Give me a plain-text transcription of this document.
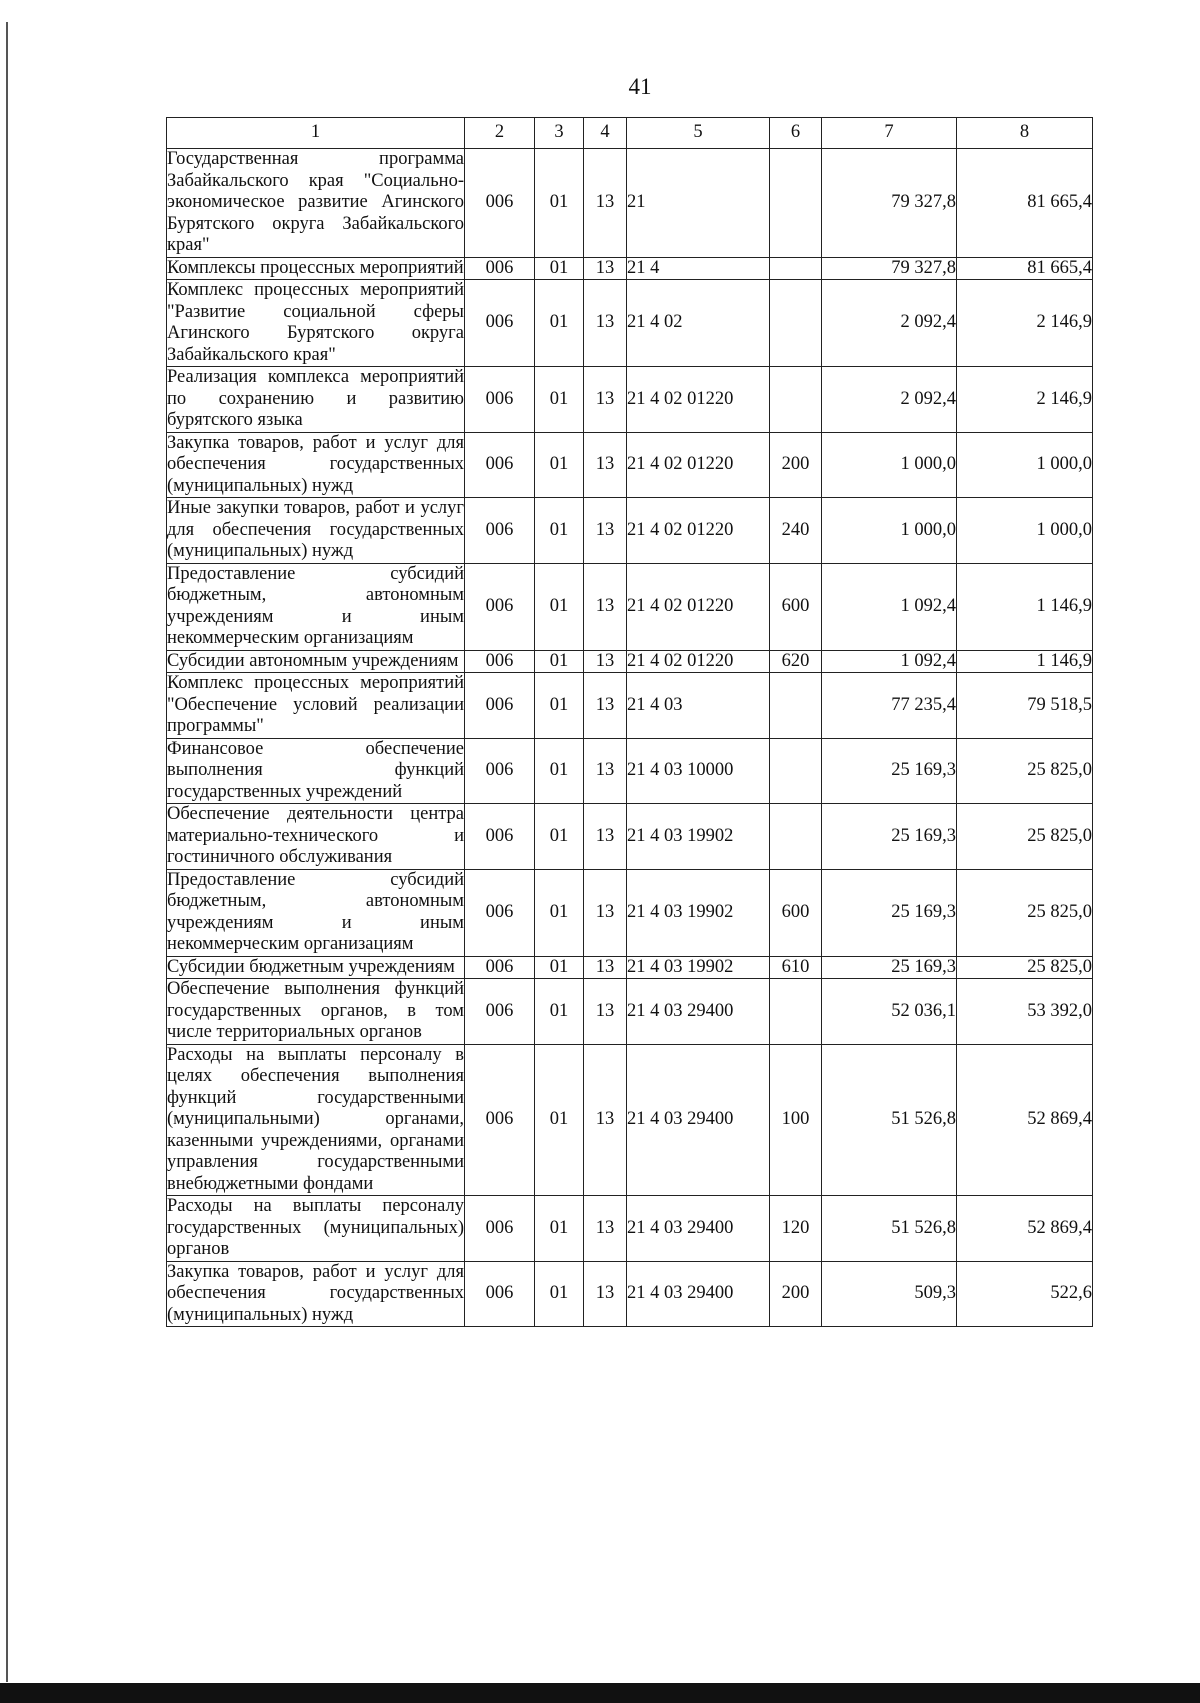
41
1	2	3	4	5	6	7	8
Государственная программа Забайкальского края "Социально-экономическое развитие Агинского Бурятского округа Забайкальского края"	006	01	13	21		79 327,8	81 665,4
Комплексы процессных мероприятий	006	01	13	21 4		79 327,8	81 665,4
Комплекс процессных мероприятий "Развитие социальной сферы Агинского Бурятского округа Забайкальского края"	006	01	13	21 4 02		2 092,4	2 146,9
Реализация комплекса мероприятий по сохранению и развитию бурятского языка	006	01	13	21 4 02 01220		2 092,4	2 146,9
Закупка товаров, работ и услуг для обеспечения государственных (муниципальных) нужд	006	01	13	21 4 02 01220	200	1 000,0	1 000,0
Иные закупки товаров, работ и услуг для обеспечения государственных (муниципальных) нужд	006	01	13	21 4 02 01220	240	1 000,0	1 000,0
Предоставление субсидий бюджетным, автономным учреждениям и иным некоммерческим организациям	006	01	13	21 4 02 01220	600	1 092,4	1 146,9
Субсидии автономным учреждениям	006	01	13	21 4 02 01220	620	1 092,4	1 146,9
Комплекс процессных мероприятий "Обеспечение условий реализации программы"	006	01	13	21 4 03		77 235,4	79 518,5
Финансовое обеспечение выполнения функций государственных учреждений	006	01	13	21 4 03 10000		25 169,3	25 825,0
Обеспечение деятельности центра материально-технического и гостиничного обслуживания	006	01	13	21 4 03 19902		25 169,3	25 825,0
Предоставление субсидий бюджетным, автономным учреждениям и иным некоммерческим организациям	006	01	13	21 4 03 19902	600	25 169,3	25 825,0
Субсидии бюджетным учреждениям	006	01	13	21 4 03 19902	610	25 169,3	25 825,0
Обеспечение выполнения функций государственных органов, в том числе территориальных органов	006	01	13	21 4 03 29400		52 036,1	53 392,0
Расходы на выплаты персоналу в целях обеспечения выполнения функций государственными (муниципальными) органами, казенными учреждениями, органами управления государственными внебюджетными фондами	006	01	13	21 4 03 29400	100	51 526,8	52 869,4
Расходы на выплаты персоналу государственных (муниципальных) органов	006	01	13	21 4 03 29400	120	51 526,8	52 869,4
Закупка товаров, работ и услуг для обеспечения государственных (муниципальных) нужд	006	01	13	21 4 03 29400	200	509,3	522,6
